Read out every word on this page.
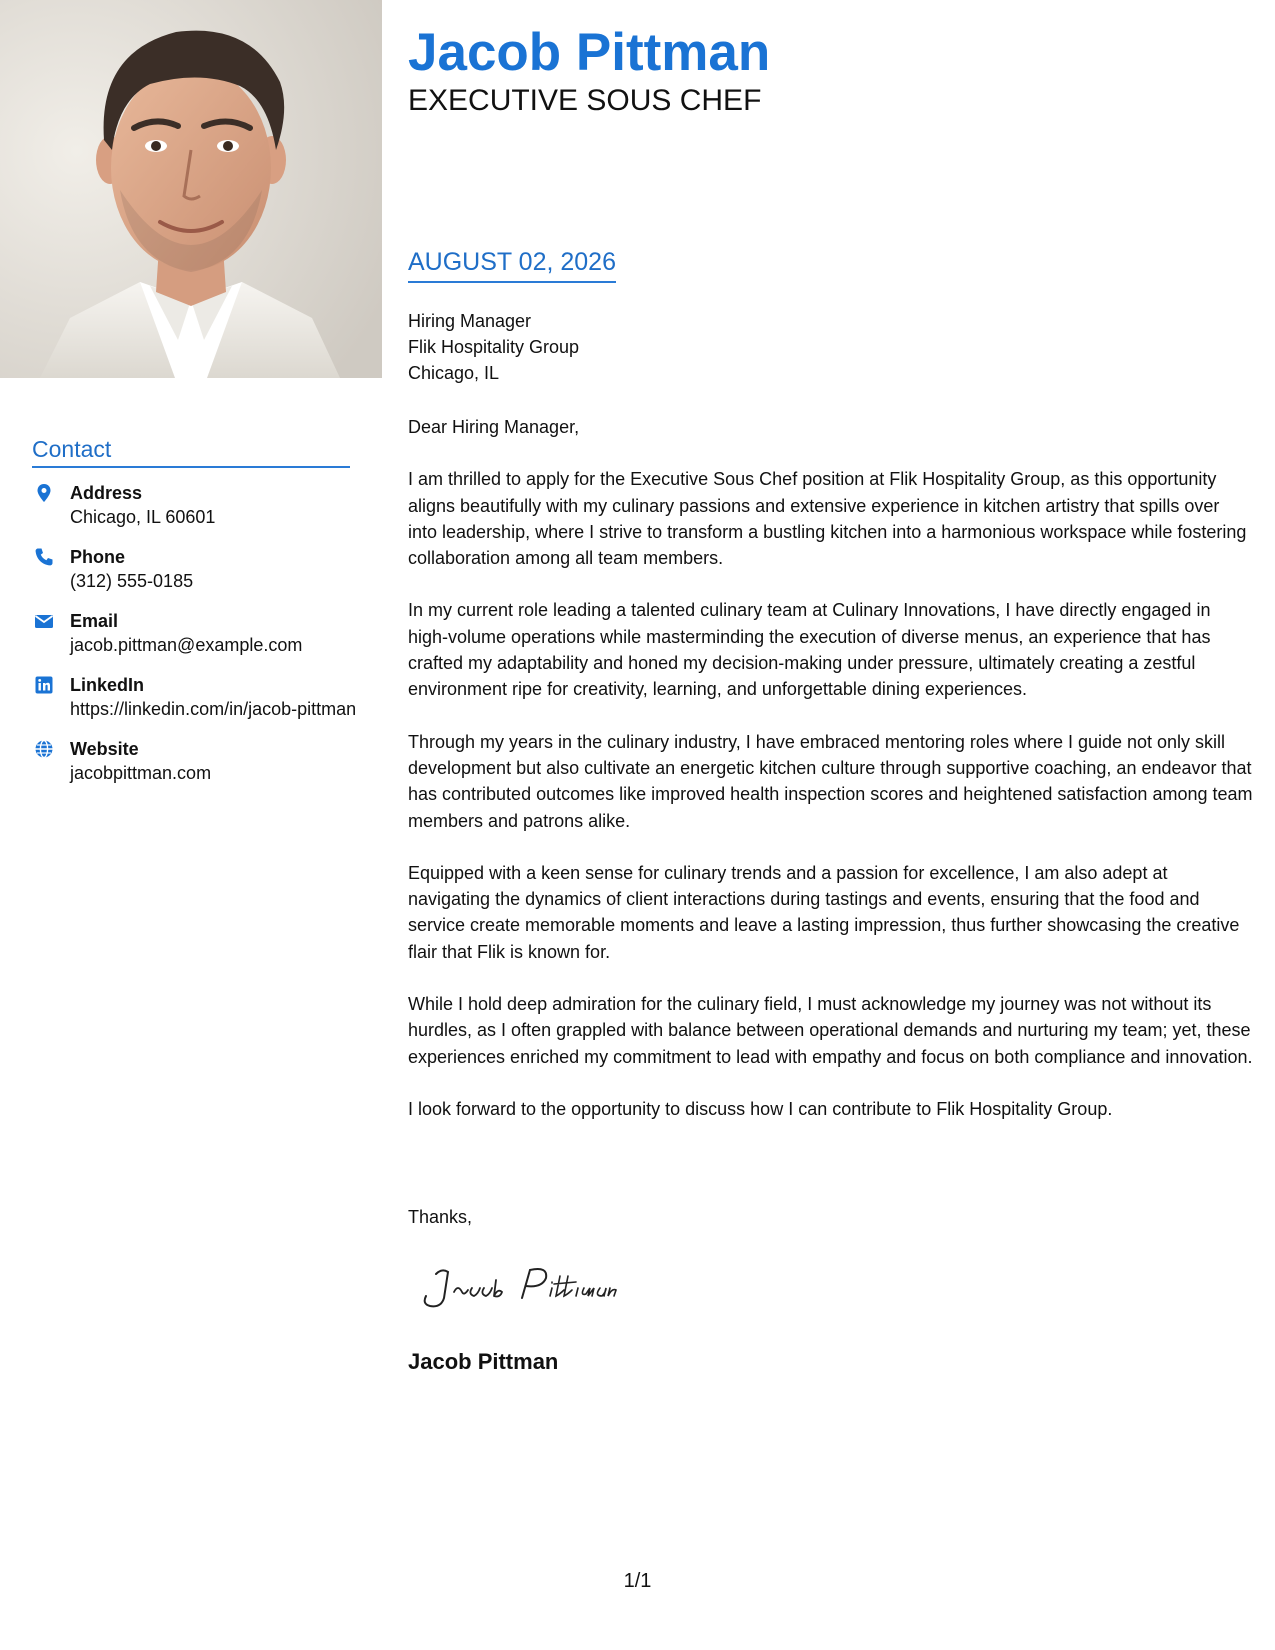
Contact
Address
Chicago, IL 60601
Phone
(312) 555-0185
Email
jacob.pittman@example.com
LinkedIn
https://linkedin.com/in/jacob-pittman
Website
jacobpittman.com
Jacob Pittman
EXECUTIVE SOUS CHEF
AUGUST 02, 2026
Hiring Manager
Flik Hospitality Group
Chicago, IL

Dear Hiring Manager,

I am thrilled to apply for the Executive Sous Chef position at Flik Hospitality Group, as this opportunity aligns beautifully with my culinary passions and extensive experience in kitchen artistry that spills over into leadership, where I strive to transform a bustling kitchen into a harmonious workspace while fostering collaboration among all team members.

In my current role leading a talented culinary team at Culinary Innovations, I have directly engaged in high-volume operations while masterminding the execution of diverse menus, an experience that has crafted my adaptability and honed my decision-making under pressure, ultimately creating a zestful environment ripe for creativity, learning, and unforgettable dining experiences.

Through my years in the culinary industry, I have embraced mentoring roles where I guide not only skill development but also cultivate an energetic kitchen culture through supportive coaching, an endeavor that has contributed outcomes like improved health inspection scores and heightened satisfaction among team members and patrons alike.

Equipped with a keen sense for culinary trends and a passion for excellence, I am also adept at navigating the dynamics of client interactions during tastings and events, ensuring that the food and service create memorable moments and leave a lasting impression, thus further showcasing the creative flair that Flik is known for.

While I hold deep admiration for the culinary field, I must acknowledge my journey was not without its hurdles, as I often grappled with balance between operational demands and nurturing my team; yet, these experiences enriched my commitment to lead with empathy and focus on both compliance and innovation.

I look forward to the opportunity to discuss how I can contribute to Flik Hospitality Group.

Thanks,
Jacob Pittman
1/1
